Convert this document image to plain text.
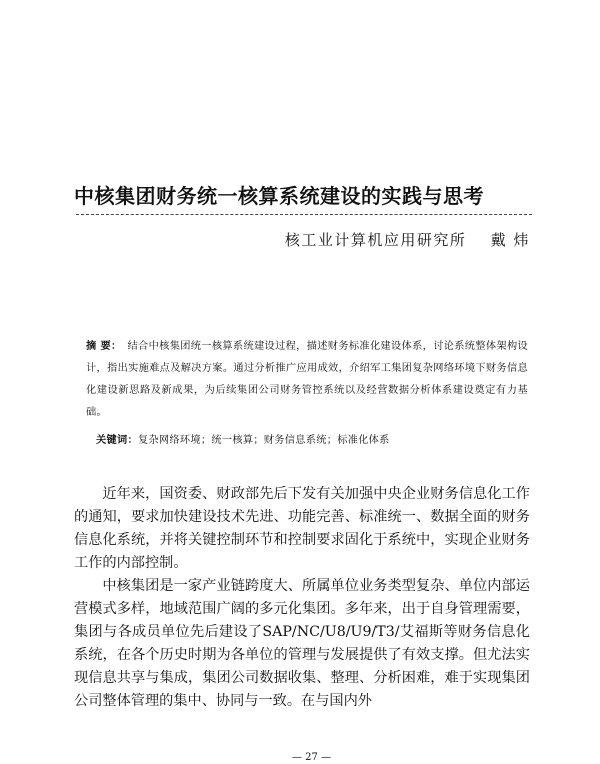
中核集团财务统一核算系统建设的实践与思考
核工业计算机应用研究所 戴 炜
摘 要： 结合中核集团统一核算系统建设过程，描述财务标准化建设体系，讨论系统整体架构设计，指出实施难点及解决方案。通过分析推广应用成效，介绍军工集团复杂网络环境下财务信息化建设新思路及新成果，为后续集团公司财务管控系统以及经营数据分析体系建设奠定有力基础。
关键词：复杂网络环境；统一核算；财务信息系统；标准化体系

近年来，国资委、财政部先后下发有关加强中央企业财务信息化工作的通知，要求加快建设技术先进、功能完善、标准统一、数据全面的财务信息化系统，并将关键控制环节和控制要求固化于系统中，实现企业财务工作的内部控制。

中核集团是一家产业链跨度大、所属单位业务类型复杂、单位内部运营模式多样，地域范围广阔的多元化集团。多年来，出于自身管理需要，集团与各成员单位先后建设了SAP/NC/U8/U9/T3/艾福斯等财务信息化系统，在各个历史时期为各单位的管理与发展提供了有效支撑。但尤法实现信息共享与集成，集团公司数据收集、整理、分析困难，难于实现集团公司整体管理的集中、协同与一致。在与国内外

— 27 —
